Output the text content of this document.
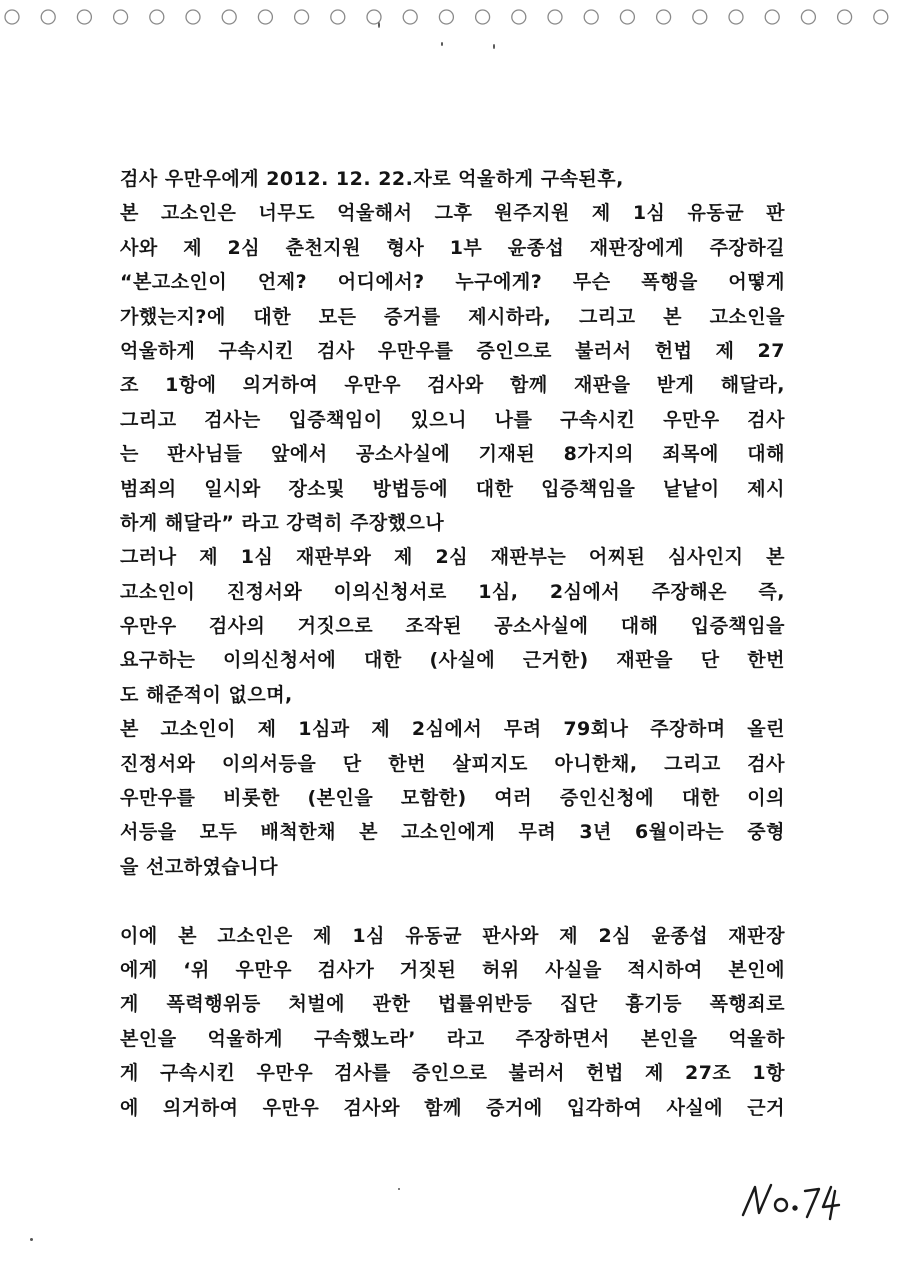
검사 우만우에게 2012. 12. 22.자로 억울하게 구속된후,
본 고소인은 너무도 억울해서 그후 원주지원 제 1심 유동균 판
사와 제 2심 춘천지원 형사 1부 윤종섭 재판장에게 주장하길
“본고소인이 언제? 어디에서? 누구에게? 무슨 폭행을 어떻게
가했는지?에 대한 모든 증거를 제시하라, 그리고 본 고소인을
억울하게 구속시킨 검사 우만우를 증인으로 불러서 헌법 제 27
조 1항에 의거하여 우만우 검사와 함께 재판을 받게 해달라,
그리고 검사는 입증책임이 있으니 나를 구속시킨 우만우 검사
는 판사님들 앞에서 공소사실에 기재된 8가지의 죄목에 대해
범죄의 일시와 장소및 방법등에 대한 입증책임을 낱낱이 제시
하게 해달라” 라고 강력히 주장했으나
그러나 제 1심 재판부와 제 2심 재판부는 어찌된 심사인지 본
고소인이 진정서와 이의신청서로 1심, 2심에서 주장해온 즉,
우만우 검사의 거짓으로 조작된 공소사실에 대해 입증책임을
요구하는 이의신청서에 대한 (사실에 근거한) 재판을 단 한번
도 해준적이 없으며,
본 고소인이 제 1심과 제 2심에서 무려 79회나 주장하며 올린
진정서와 이의서등을 단 한번 살피지도 아니한채, 그리고 검사
우만우를 비롯한 (본인을 모함한) 여러 증인신청에 대한 이의
서등을 모두 배척한채 본 고소인에게 무려 3년 6월이라는 중형
을 선고하였습니다
이에 본 고소인은 제 1심 유동균 판사와 제 2심 윤종섭 재판장
에게 ‘위 우만우 검사가 거짓된 허위 사실을 적시하여 본인에
게 폭력행위등 처벌에 관한 법률위반등 집단 흉기등 폭행죄로
본인을 억울하게 구속했노라’ 라고 주장하면서 본인을 억울하
게 구속시킨 우만우 검사를 증인으로 불러서 헌법 제 27조 1항
에 의거하여 우만우 검사와 함께 증거에 입각하여 사실에 근거
